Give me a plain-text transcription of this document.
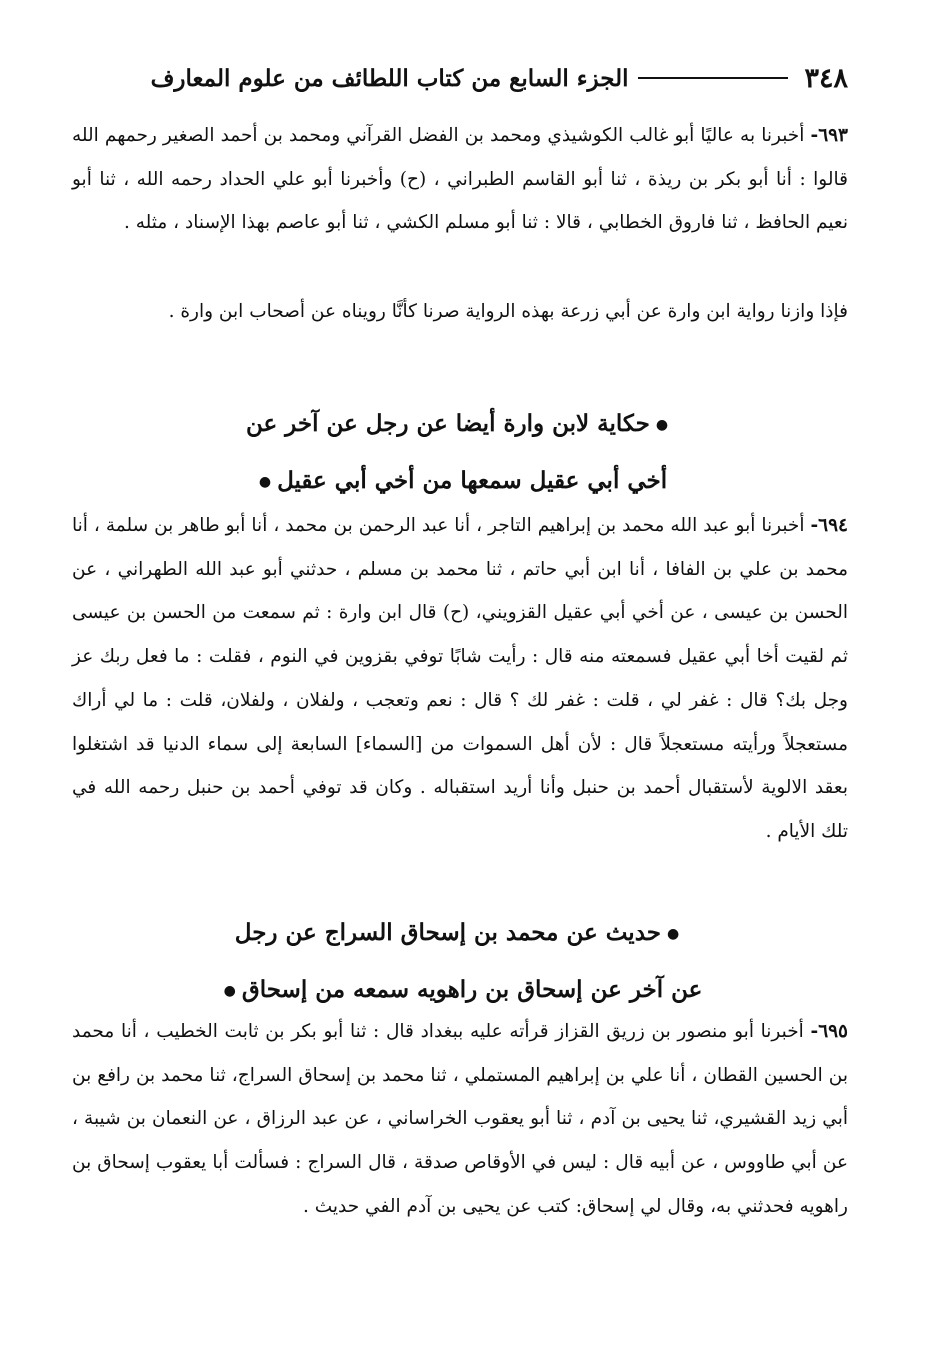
٣٤٨
الجزء السابع من كتاب اللطائف من علوم المعارف

٦٩٣- أخبرنا به عاليًا أبو غالب الكوشيذي ومحمد بن الفضل القرآني ومحمد بن أحمد الصغير رحمهم الله قالوا : أنا أبو بكر بن ريذة ، ثنا أبو القاسم الطبراني ، (ح) وأخبرنا أبو علي الحداد رحمه الله ، ثنا أبو نعيم الحافظ ، ثنا فاروق الخطابي ، قالا : ثنا أبو مسلم الكشي ، ثنا أبو عاصم بهذا الإسناد ، مثله .

فإذا وازنا رواية ابن وارة عن أبي زرعة بهذه الرواية صرنا كأنَّا رويناه عن أصحاب ابن وارة .

●حكاية لابن وارة أيضا عن رجل عن آخر عن
أخي أبي عقيل سمعها من أخي أبي عقيل●

٦٩٤- أخبرنا أبو عبد الله محمد بن إبراهيم التاجر ، أنا عبد الرحمن بن محمد ، أنا أبو طاهر بن سلمة ، أنا محمد بن علي بن الفافا ، أنا ابن أبي حاتم ، ثنا محمد بن مسلم ، حدثني أبو عبد الله الطهراني ، عن الحسن بن عيسى ، عن أخي أبي عقيل القزويني، (ح) قال ابن وارة : ثم سمعت من الحسن بن عيسى ثم لقيت أخا أبي عقيل فسمعته منه قال : رأيت شابًا توفي بقزوين في النوم ، فقلت : ما فعل ربك عز وجل بك؟ قال : غفر لي ، قلت : غفر لك ؟ قال : نعم وتعجب ، ولفلان ، ولفلان، قلت : ما لي أراك مستعجلاً ورأيته مستعجلاً قال : لأن أهل السموات من [السماء] السابعة إلى سماء الدنيا قد اشتغلوا بعقد الالوية لأستقبال أحمد بن حنبل وأنا أريد استقباله . وكان قد توفي أحمد بن حنبل رحمه الله في تلك الأيام .

●حديث عن محمد بن إسحاق السراج عن رجل
عن آخر عن إسحاق بن راهويه سمعه من إسحاق●

٦٩٥- أخبرنا أبو منصور بن زريق القزاز قرأته عليه ببغداد قال : ثنا أبو بكر بن ثابت الخطيب ، أنا محمد بن الحسين القطان ، أنا علي بن إبراهيم المستملي ، ثنا محمد بن إسحاق السراج، ثنا محمد بن رافع بن أبي زيد القشيري، ثنا يحيى بن آدم ، ثنا أبو يعقوب الخراساني ، عن عبد الرزاق ، عن النعمان بن شيبة ، عن أبي طاووس ، عن أبيه قال : ليس في الأوقاص صدقة ، قال السراج : فسألت أبا يعقوب إسحاق بن راهويه فحدثني به، وقال لي إسحاق: كتب عن يحيى بن آدم الفي حديث .
